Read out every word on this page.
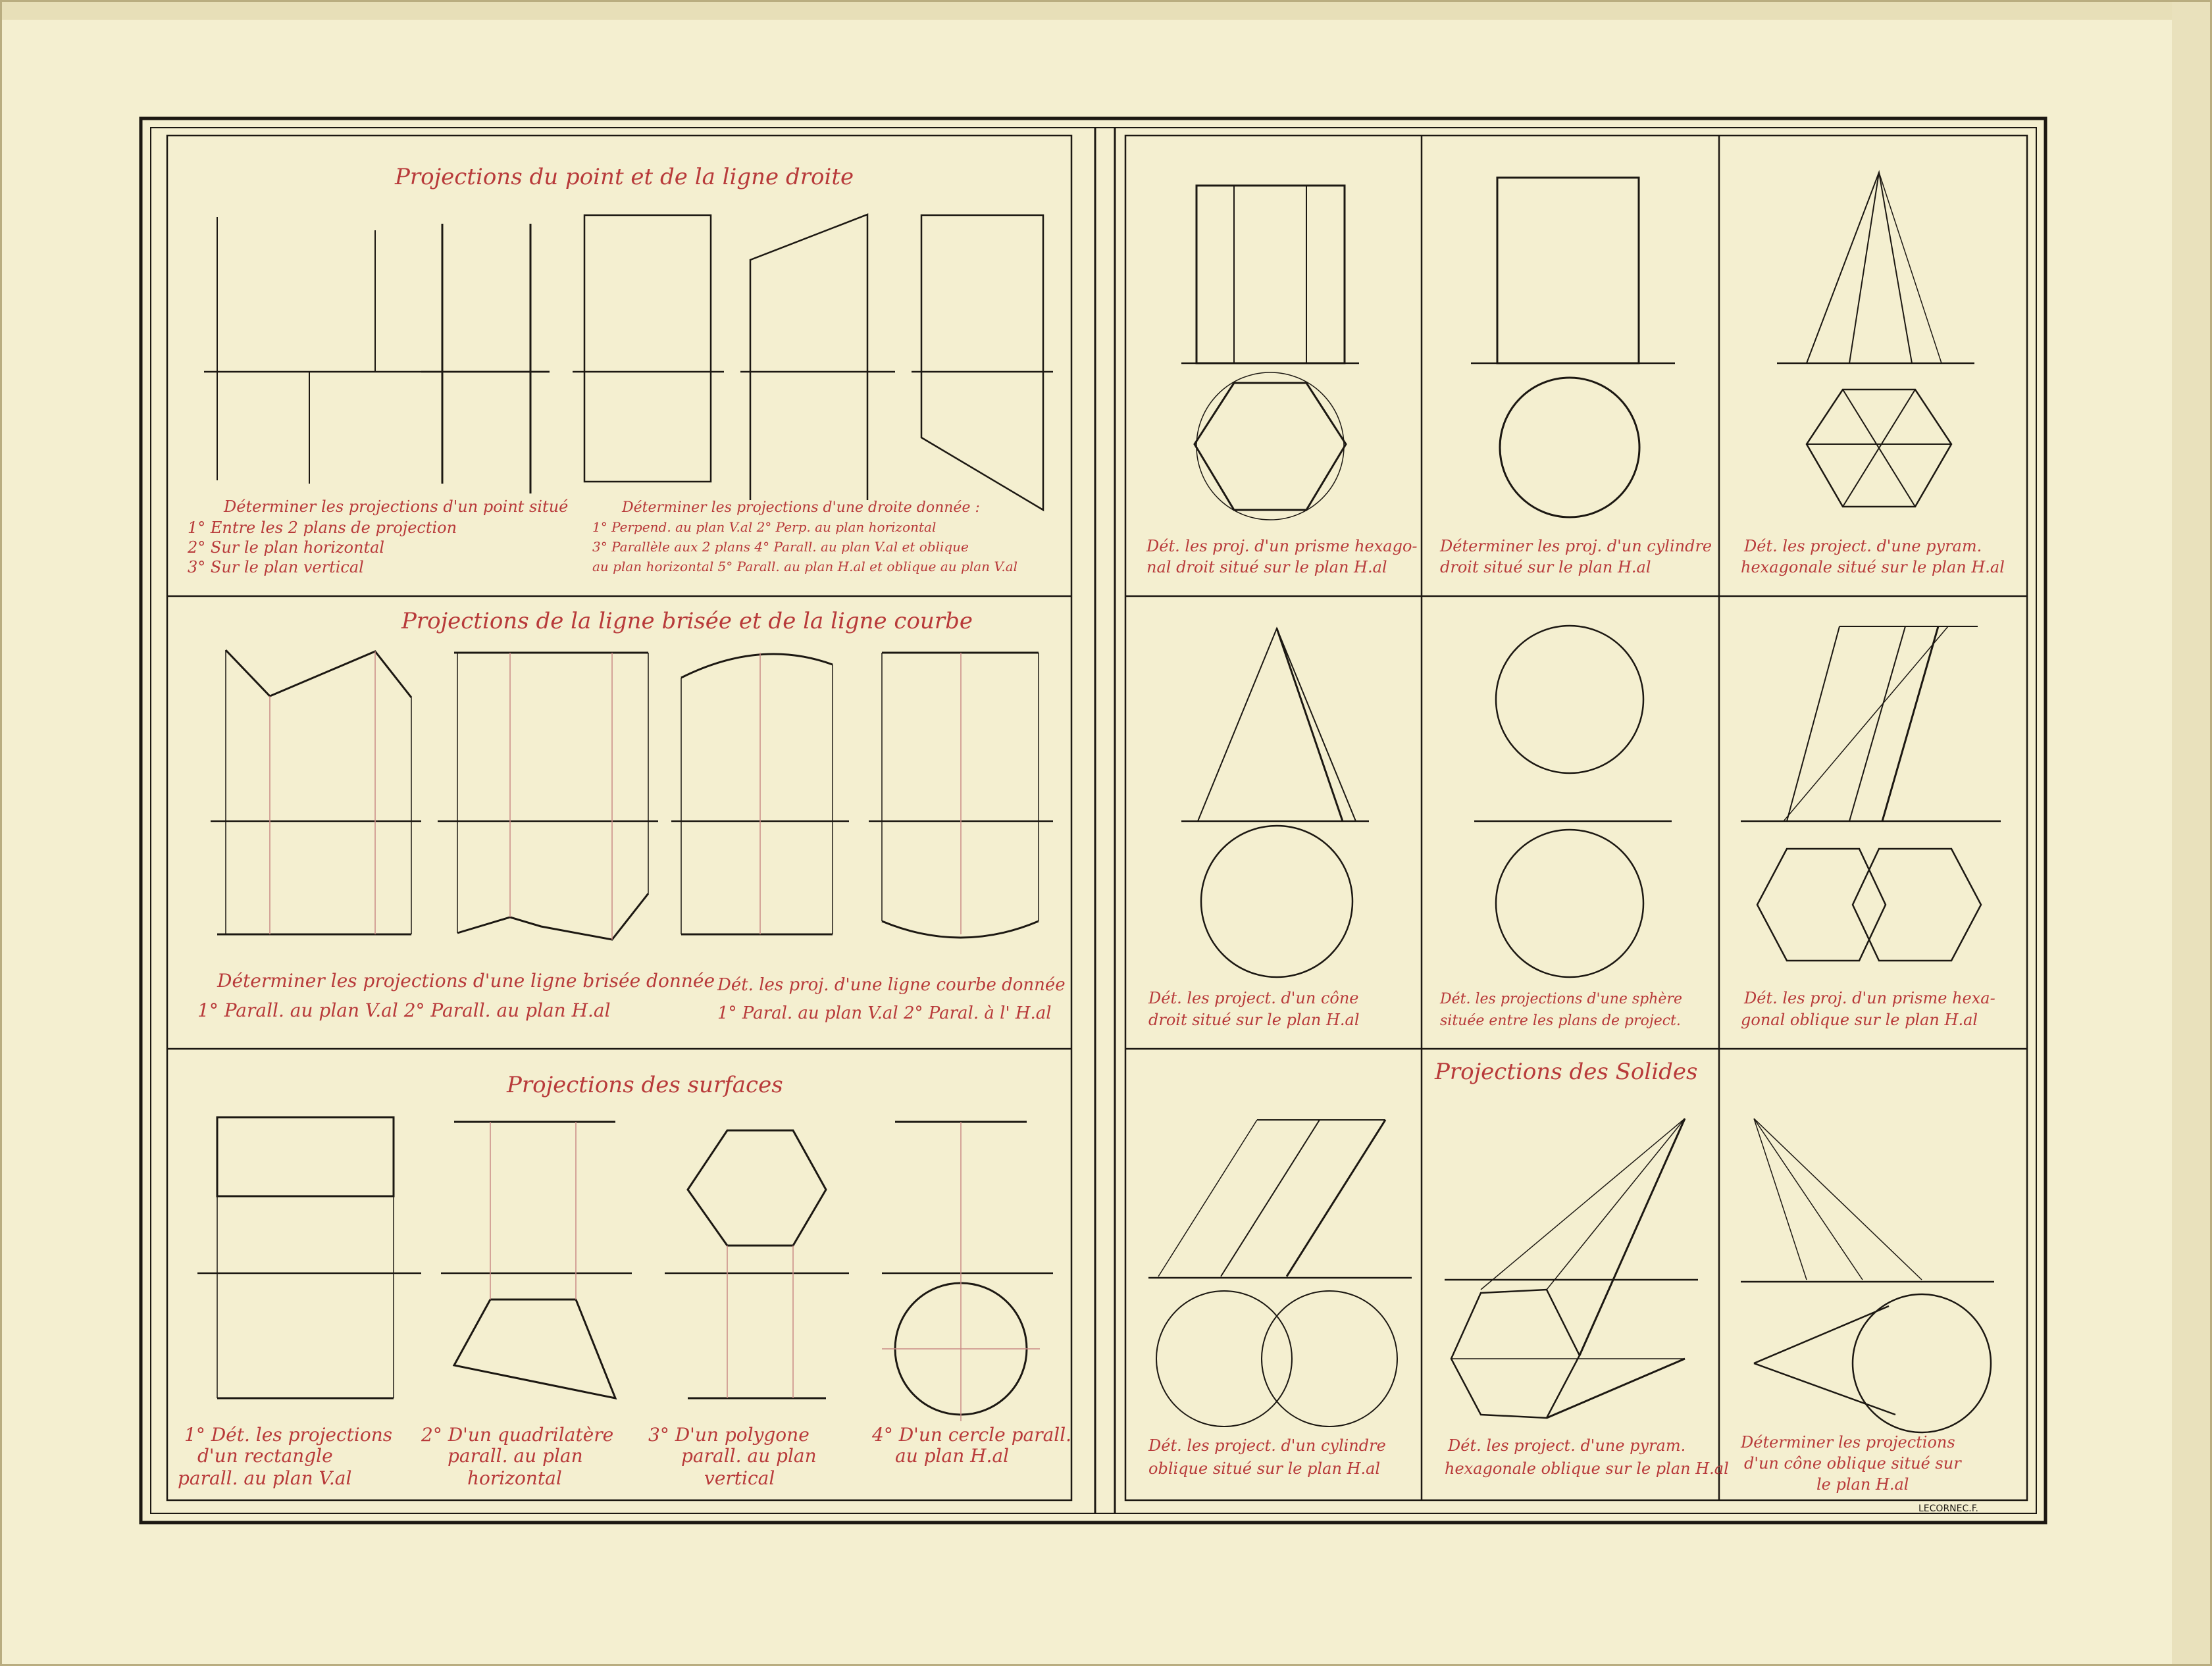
Projections du point et de la ligne droite
Déterminer les projections d'un point situé
1° Entre les 2 plans de projection
2° Sur le plan horizontal
3° Sur le plan vertical
Déterminer les projections d'une droite donnée :
1° Perpend. au plan V.al 2° Perp. au plan horizontal
3° Parallèle aux 2 plans 4° Parall. au plan V.al et oblique
au plan horizontal 5° Parall. au plan H.al et oblique au plan V.al
Projections de la ligne brisée et de la ligne courbe
Déterminer les projections d'une ligne brisée donnée
1° Parall. au plan V.al 2° Parall. au plan H.al
Dét. les proj. d'une ligne courbe donnée
1° Paral. au plan V.al 2° Paral. à l' H.al
Projections des surfaces
1° Dét. les projections
d'un rectangle
parall. au plan V.al
2° D'un quadrilatère
parall. au plan
horizontal
3° D'un polygone
parall. au plan
vertical
4° D'un cercle parall.
au plan H.al
Projections des Solides
Dét. les proj. d'un prisme hexago-
nal droit situé sur le plan H.al
Déterminer les proj. d'un cylindre
droit situé sur le plan H.al
Dét. les project. d'une pyram.
hexagonale situé sur le plan H.al
Dét. les project. d'un cône
droit situé sur le plan H.al
Dét. les projections d'une sphère
située entre les plans de project.
Dét. les proj. d'un prisme hexa-
gonal oblique sur le plan H.al
Dét. les project. d'un cylindre
oblique situé sur le plan H.al
Dét. les project. d'une pyram.
hexagonale oblique sur le plan H.al
Déterminer les projections
d'un cône oblique situé sur
le plan H.al
LECORNEC.F.
